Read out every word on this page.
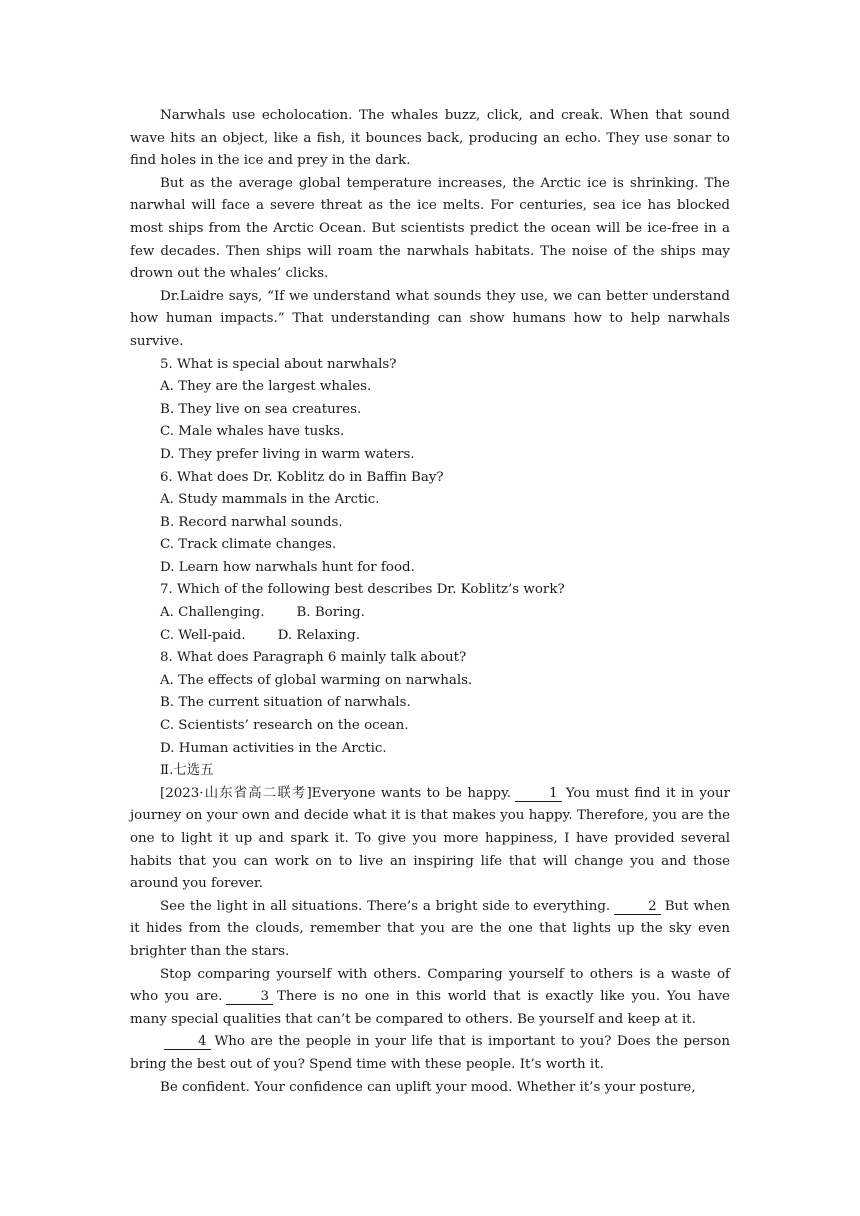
Narwhals use echolocation. The whales buzz, click, and creak. When that sound wave hits an object, like a fish, it bounces back, producing an echo. They use sonar to find holes in the ice and prey in the dark.

But as the average global temperature increases, the Arctic ice is shrinking. The narwhal will face a severe threat as the ice melts. For centuries, sea ice has blocked most ships from the Arctic Ocean. But scientists predict the ocean will be ice-free in a few decades. Then ships will roam the narwhals habitats. The noise of the ships may drown out the whales’ clicks.

Dr.Laidre says, “If we understand what sounds they use, we can better understand how human impacts.” That understanding can show humans how to help narwhals survive.

5. What is special about narwhals?

A. They are the largest whales.

B. They live on sea creatures.

C. Male whales have tusks.

D. They prefer living in warm waters.

6. What does Dr. Koblitz do in Baffin Bay?

A. Study mammals in the Arctic.

B. Record narwhal sounds.

C. Track climate changes.

D. Learn how narwhals hunt for food.

7. Which of the following best describes Dr. Koblitz’s work?

A. Challenging. B. Boring.

C. Well-paid. D. Relaxing.

8. What does Paragraph 6 mainly talk about?

A. The effects of global warming on narwhals.

B. The current situation of narwhals.

C. Scientists’ research on the ocean.

D. Human activities in the Arctic.

Ⅱ.七选五

[2023·山东省高二联考]Everyone wants to be happy.	1 You must find it in your journey on your own and decide what it is that makes you happy. Therefore, you are the one to light it up and spark it. To give you more happiness, I have provided several habits that you can work on to live an inspiring life that will change you and those around you forever.

See the light in all situations. There’s a bright side to everything.	2 But when it hides from the clouds, remember that you are the one that lights up the sky even brighter than the stars.

Stop comparing yourself with others. Comparing yourself to others is a waste of who you are.	3 There is no one in this world that is exactly like you. You have many special qualities that can’t be compared to others. Be yourself and keep at it.

4 Who are the people in your life that is important to you? Does the person bring the best out of you? Spend time with these people. It’s worth it.

Be confident. Your confidence can uplift your mood. Whether it’s your posture,
